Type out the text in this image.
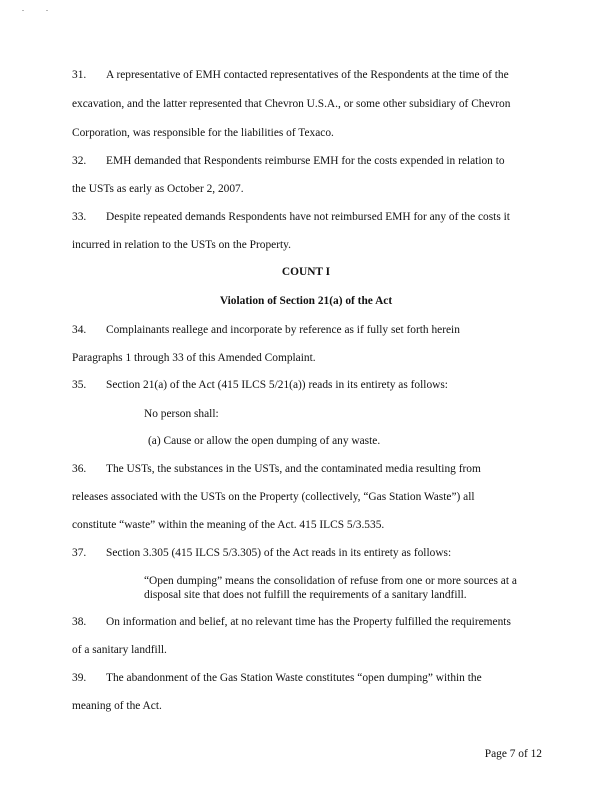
.	.
31. A representative of EMH contacted representatives of the Respondents at the time of the
excavation, and the latter represented that Chevron U.S.A., or some other subsidiary of Chevron
Corporation, was responsible for the liabilities of Texaco.
32. EMH demanded that Respondents reimburse EMH for the costs expended in relation to
the USTs as early as October 2, 2007.
33. Despite repeated demands Respondents have not reimbursed EMH for any of the costs it
incurred in relation to the USTs on the Property.
COUNT I
Violation of Section 21(a) of the Act
34. Complainants reallege and incorporate by reference as if fully set forth herein
Paragraphs 1 through 33 of this Amended Complaint.
35. Section 21(a) of the Act (415 ILCS 5/21(a)) reads in its entirety as follows:
No person shall:
(a) Cause or allow the open dumping of any waste.
36. The USTs, the substances in the USTs, and the contaminated media resulting from
releases associated with the USTs on the Property (collectively, “Gas Station Waste”) all
constitute “waste” within the meaning of the Act. 415 ILCS 5/3.535.
37. Section 3.305 (415 ILCS 5/3.305) of the Act reads in its entirety as follows:
“Open dumping” means the consolidation of refuse from one or more sources at a
disposal site that does not fulfill the requirements of a sanitary landfill.
38. On information and belief, at no relevant time has the Property fulfilled the requirements
of a sanitary landfill.
39. The abandonment of the Gas Station Waste constitutes “open dumping” within the
meaning of the Act.
Page 7 of 12
